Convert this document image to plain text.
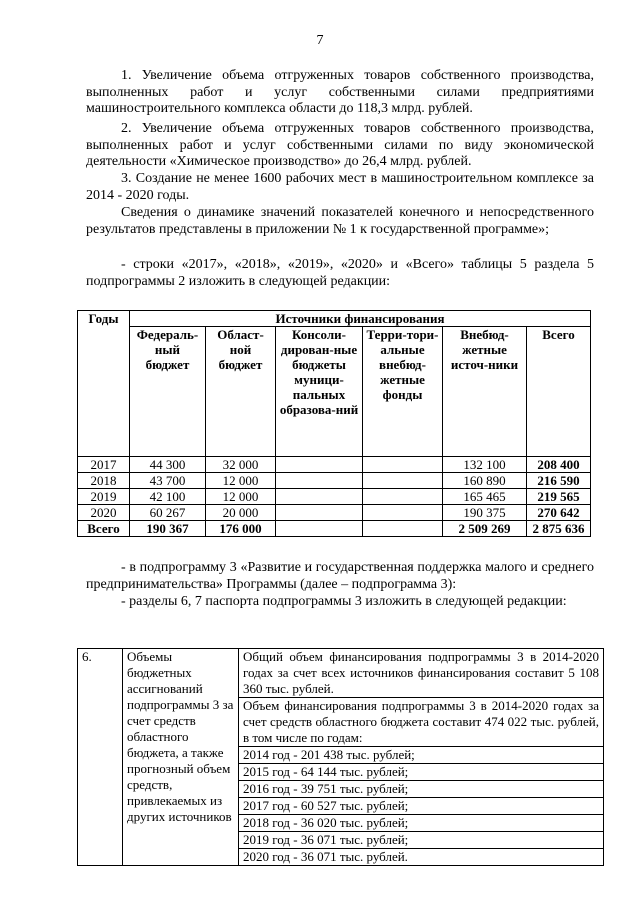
7
1. Увеличение объема отгруженных товаров собственного производства, выполненных работ и услуг собственными силами предприятиями машиностроительного комплекса области до 118,3 млрд. рублей.
2. Увеличение объема отгруженных товаров собственного производства, выполненных работ и услуг собственными силами по виду экономической деятельности «Химическое производство» до 26,4 млрд. рублей.
3. Создание не менее 1600 рабочих мест в машиностроительном комплексе за 2014 - 2020 годы.
Сведения о динамике значений показателей конечного и непосредственного результатов представлены в приложении № 1 к государственной программе»;
- строки «2017», «2018», «2019», «2020» и «Всего» таблицы 5 раздела 5 подпрограммы 2 изложить в следующей редакции:
Годы	Источники финансирования					
	Федераль-ный бюджет	Област-ной бюджет	Консоли-дирован-ные бюджеты муници-пальных образова-ний	Терри-тори-альные внебюд-жетные фонды	Внебюд-жетные источ-ники	Всего
2017	44 300	32 000			132 100	208 400
2018	43 700	12 000			160 890	216 590
2019	42 100	12 000			165 465	219 565
2020	60 267	20 000			190 375	270 642
Всего	190 367	176 000			2 509 269	2 875 636
- в подпрограмму 3 «Развитие и государственная поддержка малого и среднего предпринимательства» Программы (далее – подпрограмма 3):
- разделы 6, 7 паспорта подпрограммы 3 изложить в следующей редакции:
6.	Объемы бюджетных ассигнований подпрограммы 3 за счет средств областного бюджета, а также прогнозный объем средств, привлекаемых из других источников	
Общий объем финансирования подпрограммы 3 в 2014-2020 годах за счет всех источников финансирования составит 5 108 360 тыс. рублей.
Объем финансирования подпрограммы 3 в 2014-2020 годах за счет средств областного бюджета составит 474 022 тыс. рублей, в том числе по годам:
2014 год - 201 438 тыс. рублей;
2015 год - 64 144 тыс. рублей;
2016 год - 39 751 тыс. рублей;
2017 год - 60 527 тыс. рублей;
2018 год - 36 020 тыс. рублей;
2019 год - 36 071 тыс. рублей;
2020 год - 36 071 тыс. рублей.
